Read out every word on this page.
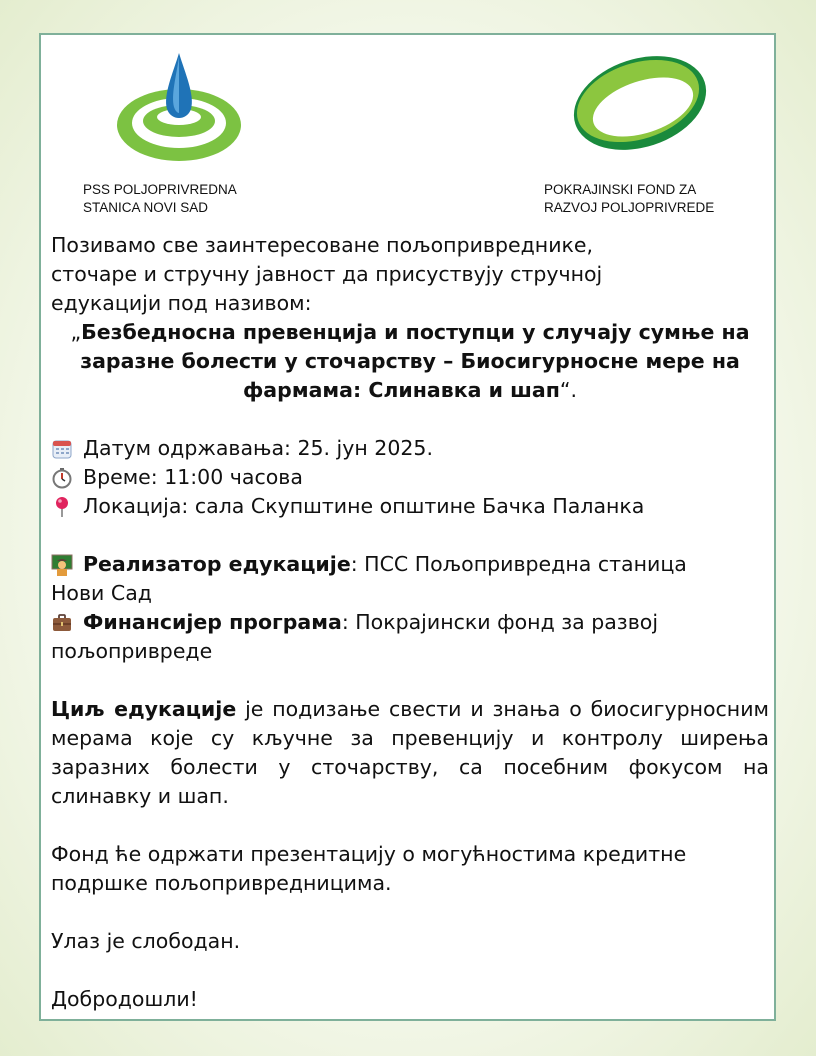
PSS POLJOPRIVREDNA
STANICA NOVI SAD
POKRAJINSKI FOND ZA
RAZVOJ POLJOPRIVREDE

Позивамо све заинтересоване пољопривреднике,

сточаре и стручну јавност да присуствују стручној

едукацији под називом:

„Безбедносна превенција и поступци у случају сумње на

заразне болести у сточарству – Биосигурносне мере на

фармама: Слинавка и шап“.

Датум одржавања: 25. јун 2025.
Време: 11:00 часова
Локација: сала Скупштине општине Бачка Паланка
Реализатор едукације: ПСС Пољопривредна станица

Нови Сад

Финансијер програма: Покрајински фонд за развој

пољопривреде

Циљ едукације је подизање свести и знања о биосигурносним мерама које су кључне за превенцију и контролу ширења заразних болести у сточарству, са посебним фокусом на слинавку и шап.

Фонд ће одржати презентацију о могућностима кредитне

подршке пољопривредницима.

Улаз је слободан.

Добродошли!
